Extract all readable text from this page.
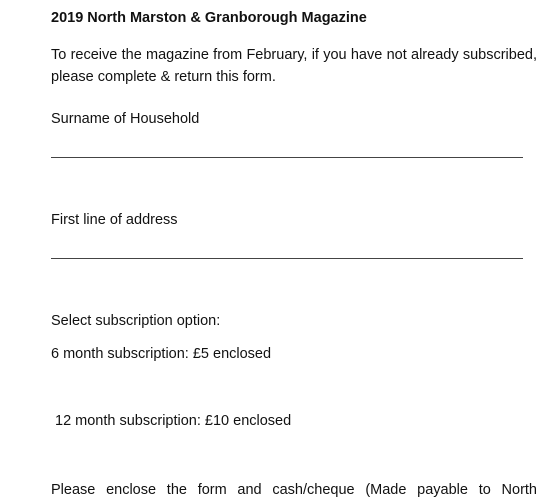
2019 North Marston & Granborough Magazine
To receive the magazine from February, if you have not already subscribed, please complete & return this form.
Surname of Household
First line of address
Select subscription option:
6 month subscription: £5 enclosed
12 month subscription: £10 enclosed
Please enclose the form and cash/cheque (Made payable to North
